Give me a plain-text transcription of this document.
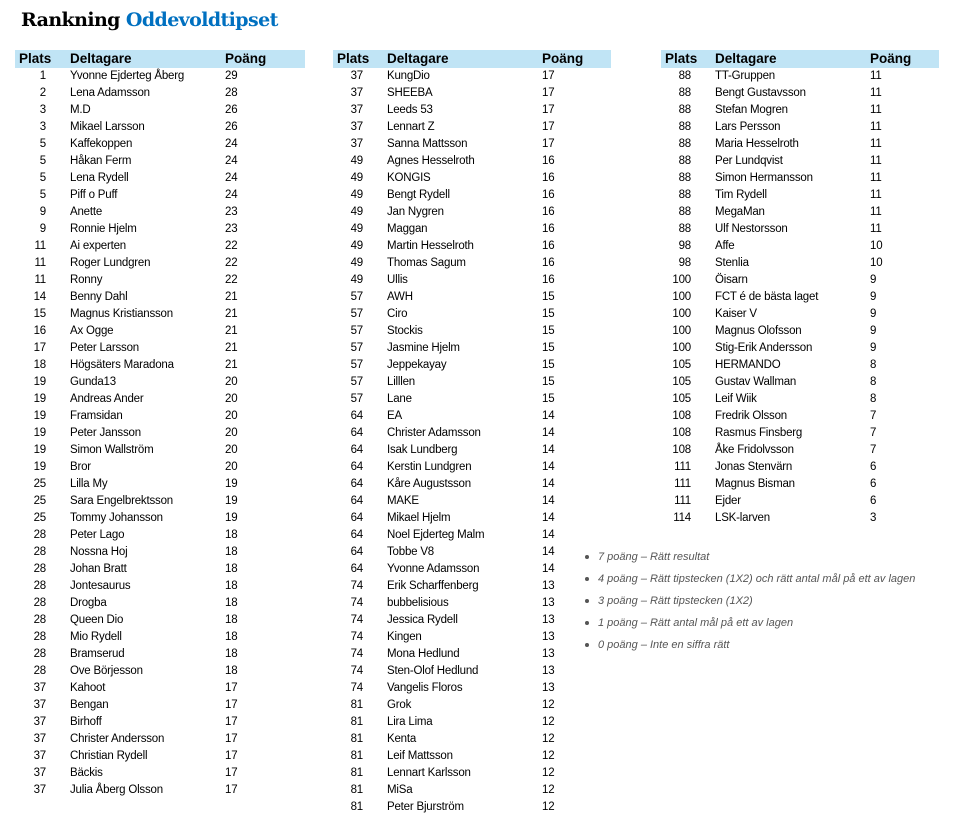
Rankning Oddevoldtipset
Plats	Deltagare	Poäng
1	Yvonne Ejderteg Åberg	29
2	Lena Adamsson	28
3	M.D	26
3	Mikael Larsson	26
5	Kaffekoppen	24
5	Håkan Ferm	24
5	Lena Rydell	24
5	Piff o Puff	24
9	Anette	23
9	Ronnie Hjelm	23
11	Ai experten	22
11	Roger Lundgren	22
11	Ronny	22
14	Benny Dahl	21
15	Magnus Kristiansson	21
16	Ax Ogge	21
17	Peter Larsson	21
18	Högsäters Maradona	21
19	Gunda13	20
19	Andreas Ander	20
19	Framsidan	20
19	Peter Jansson	20
19	Simon Wallström	20
19	Bror	20
25	Lilla My	19
25	Sara Engelbrektsson	19
25	Tommy Johansson	19
28	Peter Lago	18
28	Nossna Hoj	18
28	Johan Bratt	18
28	Jontesaurus	18
28	Drogba	18
28	Queen Dio	18
28	Mio Rydell	18
28	Bramserud	18
28	Ove Börjesson	18
37	Kahoot	17
37	Bengan	17
37	Birhoff	17
37	Christer Andersson	17
37	Christian Rydell	17
37	Bäckis	17
37	Julia Åberg Olsson	17
Plats	Deltagare	Poäng
37	KungDio	17
37	SHEEBA	17
37	Leeds 53	17
37	Lennart Z	17
37	Sanna Mattsson	17
49	Agnes Hesselroth	16
49	KONGIS	16
49	Bengt Rydell	16
49	Jan Nygren	16
49	Maggan	16
49	Martin Hesselroth	16
49	Thomas Sagum	16
49	Ullis	16
57	AWH	15
57	Ciro	15
57	Stockis	15
57	Jasmine Hjelm	15
57	Jeppekayay	15
57	Lilllen	15
57	Lane	15
64	EA	14
64	Christer Adamsson	14
64	Isak Lundberg	14
64	Kerstin Lundgren	14
64	Kåre Augustsson	14
64	MAKE	14
64	Mikael Hjelm	14
64	Noel Ejderteg Malm	14
64	Tobbe V8	14
64	Yvonne Adamsson	14
74	Erik Scharffenberg	13
74	bubbelisious	13
74	Jessica Rydell	13
74	Kingen	13
74	Mona Hedlund	13
74	Sten-Olof Hedlund	13
74	Vangelis Floros	13
81	Grok	12
81	Lira Lima	12
81	Kenta	12
81	Leif Mattsson	12
81	Lennart Karlsson	12
81	MiSa	12
81	Peter Bjurström	12
Plats	Deltagare	Poäng
88	TT-Gruppen	11
88	Bengt Gustavsson	11
88	Stefan Mogren	11
88	Lars Persson	11
88	Maria Hesselroth	11
88	Per Lundqvist	11
88	Simon Hermansson	11
88	Tim Rydell	11
88	MegaMan	11
88	Ulf Nestorsson	11
98	Affe	10
98	Stenlia	10
100	Öisarn	9
100	FCT é de bästa laget	9
100	Kaiser V	9
100	Magnus Olofsson	9
100	Stig-Erik Andersson	9
105	HERMANDO	8
105	Gustav Wallman	8
105	Leif Wiik	8
108	Fredrik Olsson	7
108	Rasmus Finsberg	7
108	Åke Fridolvsson	7
111	Jonas Stenvärn	6
111	Magnus Bisman	6
111	Ejder	6
114	LSK-larven	3
7 poäng – Rätt resultat
4 poäng – Rätt tipstecken (1X2) och rätt antal mål på ett av lagen
3 poäng – Rätt tipstecken (1X2)
1 poäng – Rätt antal mål på ett av lagen
0 poäng – Inte en siffra rätt
